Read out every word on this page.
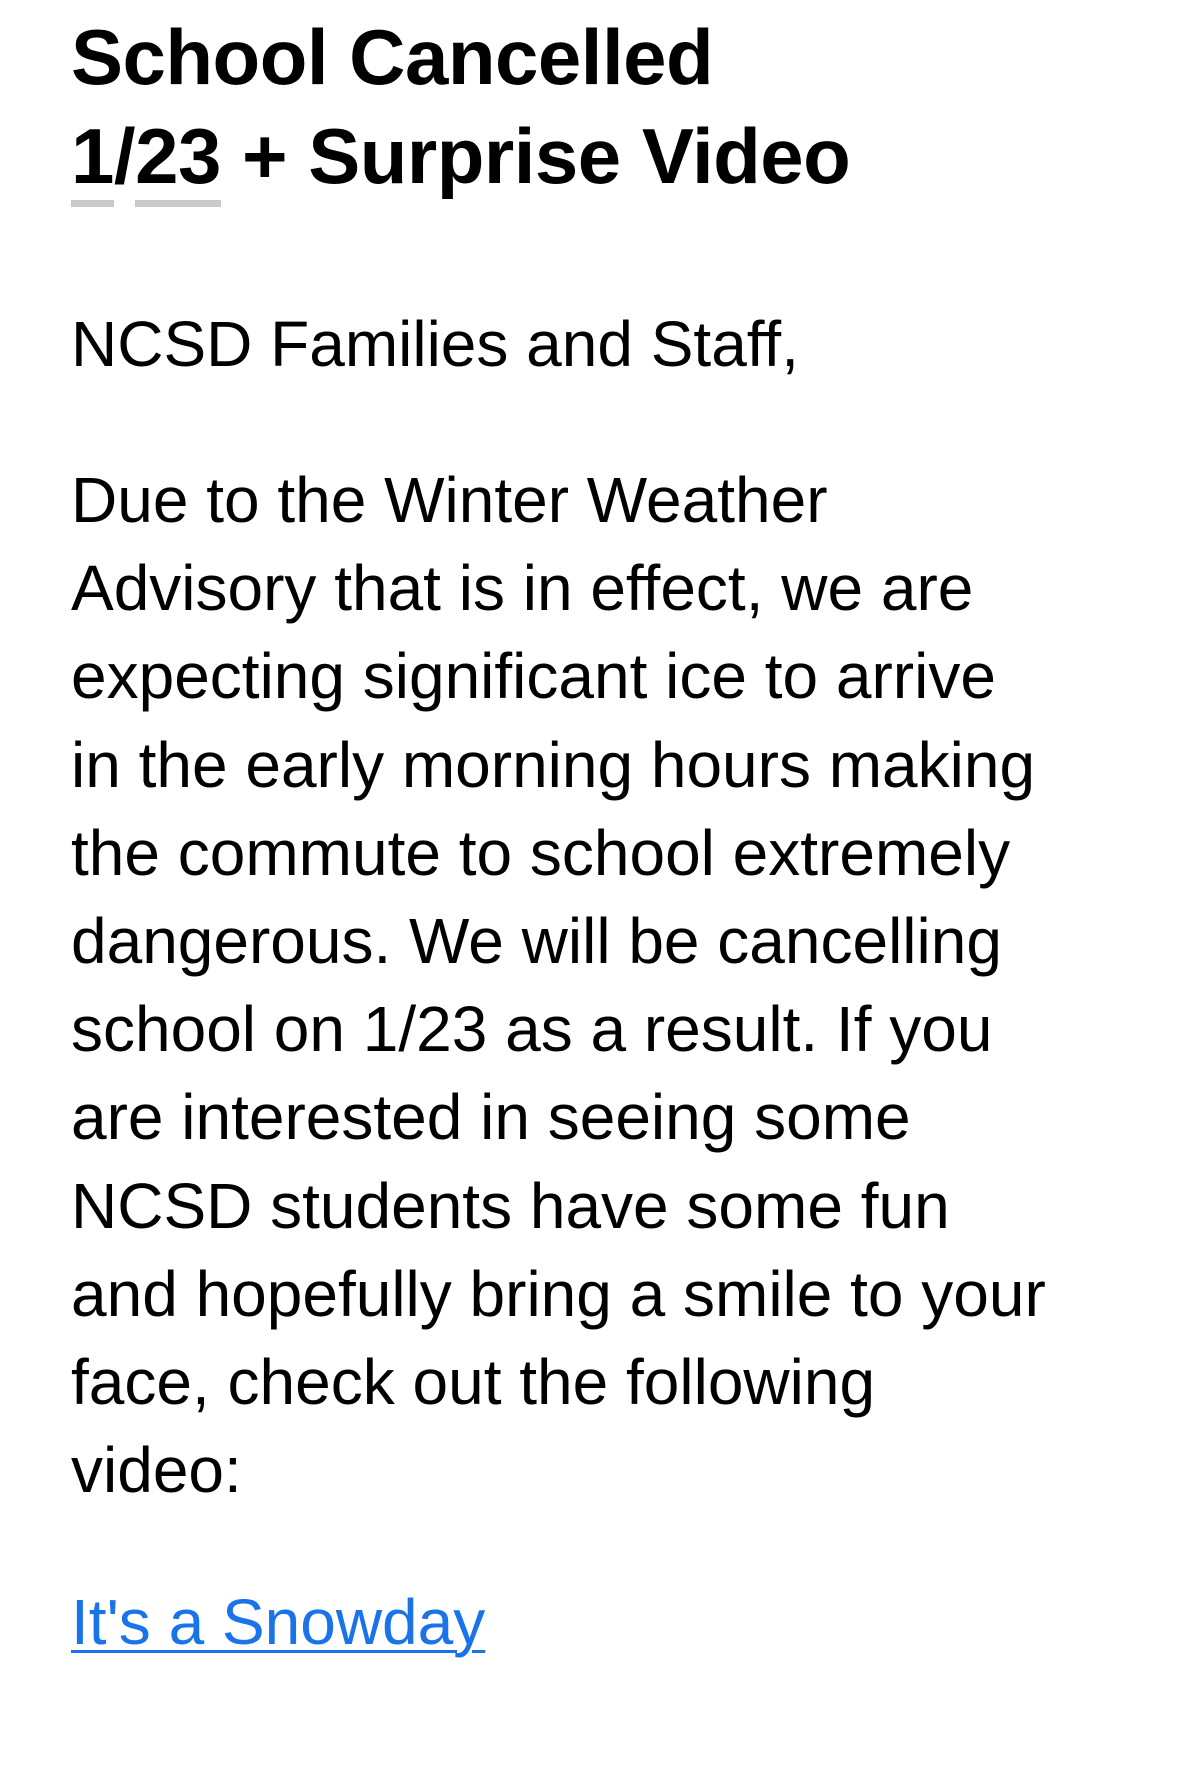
School Cancelled
1/23 + Surprise Video

NCSD Families and Staff,

Due to the Winter Weather
Advisory that is in effect, we are
expecting significant ice to arrive
in the early morning hours making
the commute to school extremely
dangerous. We will be cancelling
school on 1/23 as a result. If you
are interested in seeing some
NCSD students have some fun
and hopefully bring a smile to your
face, check out the following
video:

It's a Snowday
